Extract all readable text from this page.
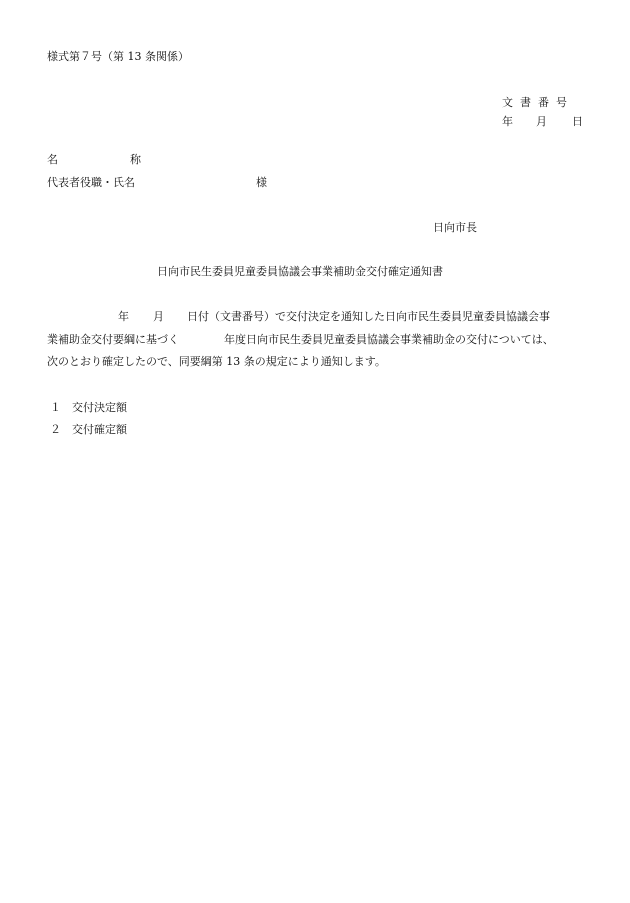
様式第７号（第 13 条関係）
文書番号
年 月 日
名	称
代表者役職・氏名	様
日向市長
日向市民生委員児童委員協議会事業補助金交付確定通知書
年 月 日付（文書番号）で交付決定を通知した日向市民生委員児童委員協議会事
業補助金交付要綱に基づく	年度日向市民生委員児童委員協議会事業補助金の交付については、
次のとおり確定したので、同要綱第 13 条の規定により通知します。
１ 交付決定額
２ 交付確定額
